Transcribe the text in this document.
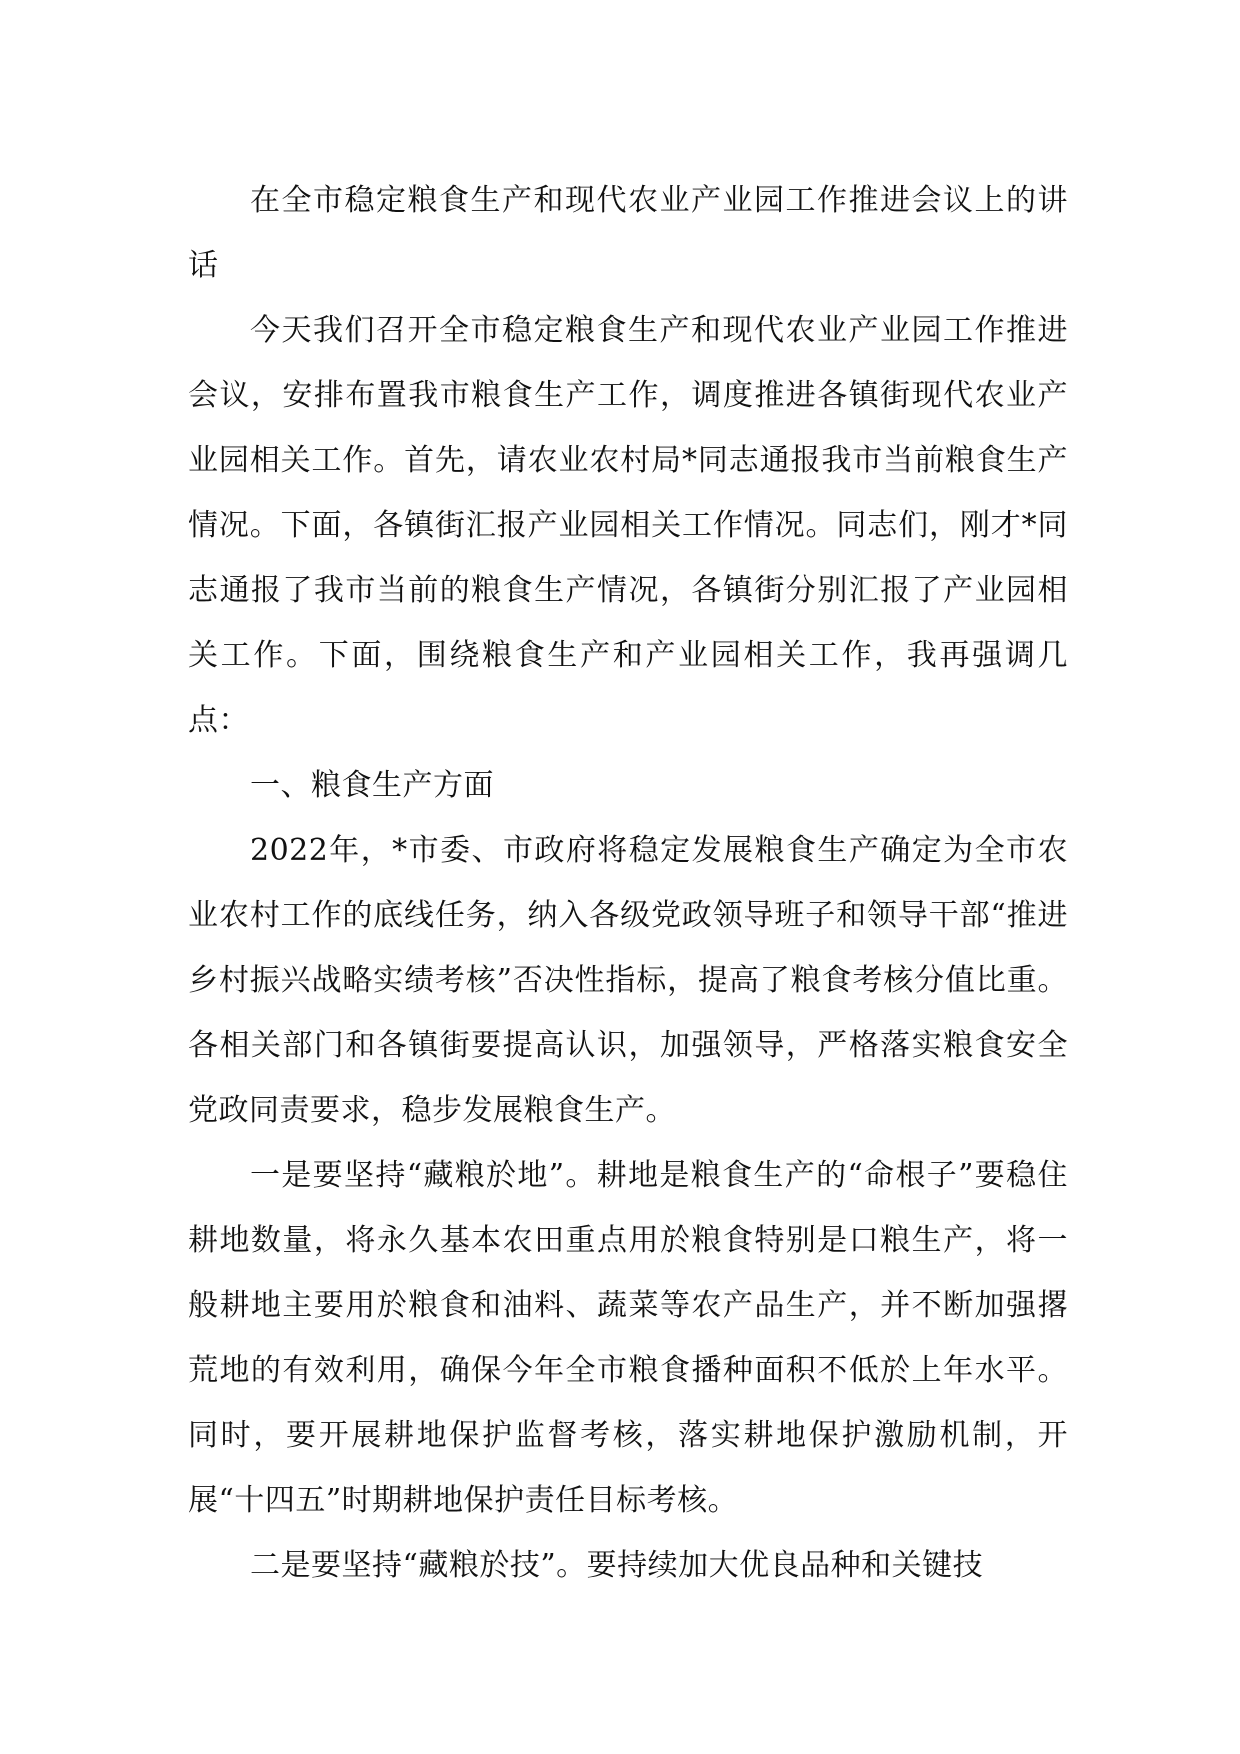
在全市稳定粮食生产和现代农业产业园工作推进会议上的讲话

今天我们召开全市稳定粮食生产和现代农业产业园工作推进会议，安排布置我市粮食生产工作，调度推进各镇街现代农业产业园相关工作。首先，请农业农村局*同志通报我市当前粮食生产情况。下面，各镇街汇报产业园相关工作情况。同志们，刚才*同志通报了我市当前的粮食生产情况，各镇街分别汇报了产业园相关工作。下面，围绕粮食生产和产业园相关工作，我再强调几点：

一、粮食生产方面

2022年，*市委、市政府将稳定发展粮食生产确定为全市农业农村工作的底线任务，纳入各级党政领导班子和领导干部“推进乡村振兴战略实绩考核”否决性指标，提高了粮食考核分值比重。各相关部门和各镇街要提高认识，加强领导，严格落实粮食安全党政同责要求，稳步发展粮食生产。

一是要坚持“藏粮於地”。耕地是粮食生产的“命根子”要稳住耕地数量，将永久基本农田重点用於粮食特别是口粮生产，将一般耕地主要用於粮食和油料、蔬菜等农产品生产，并不断加强撂荒地的有效利用，确保今年全市粮食播种面积不低於上年水平。同时，要开展耕地保护监督考核，落实耕地保护激励机制，开展“十四五”时期耕地保护责任目标考核。

二是要坚持“藏粮於技”。要持续加大优良品种和关键技
